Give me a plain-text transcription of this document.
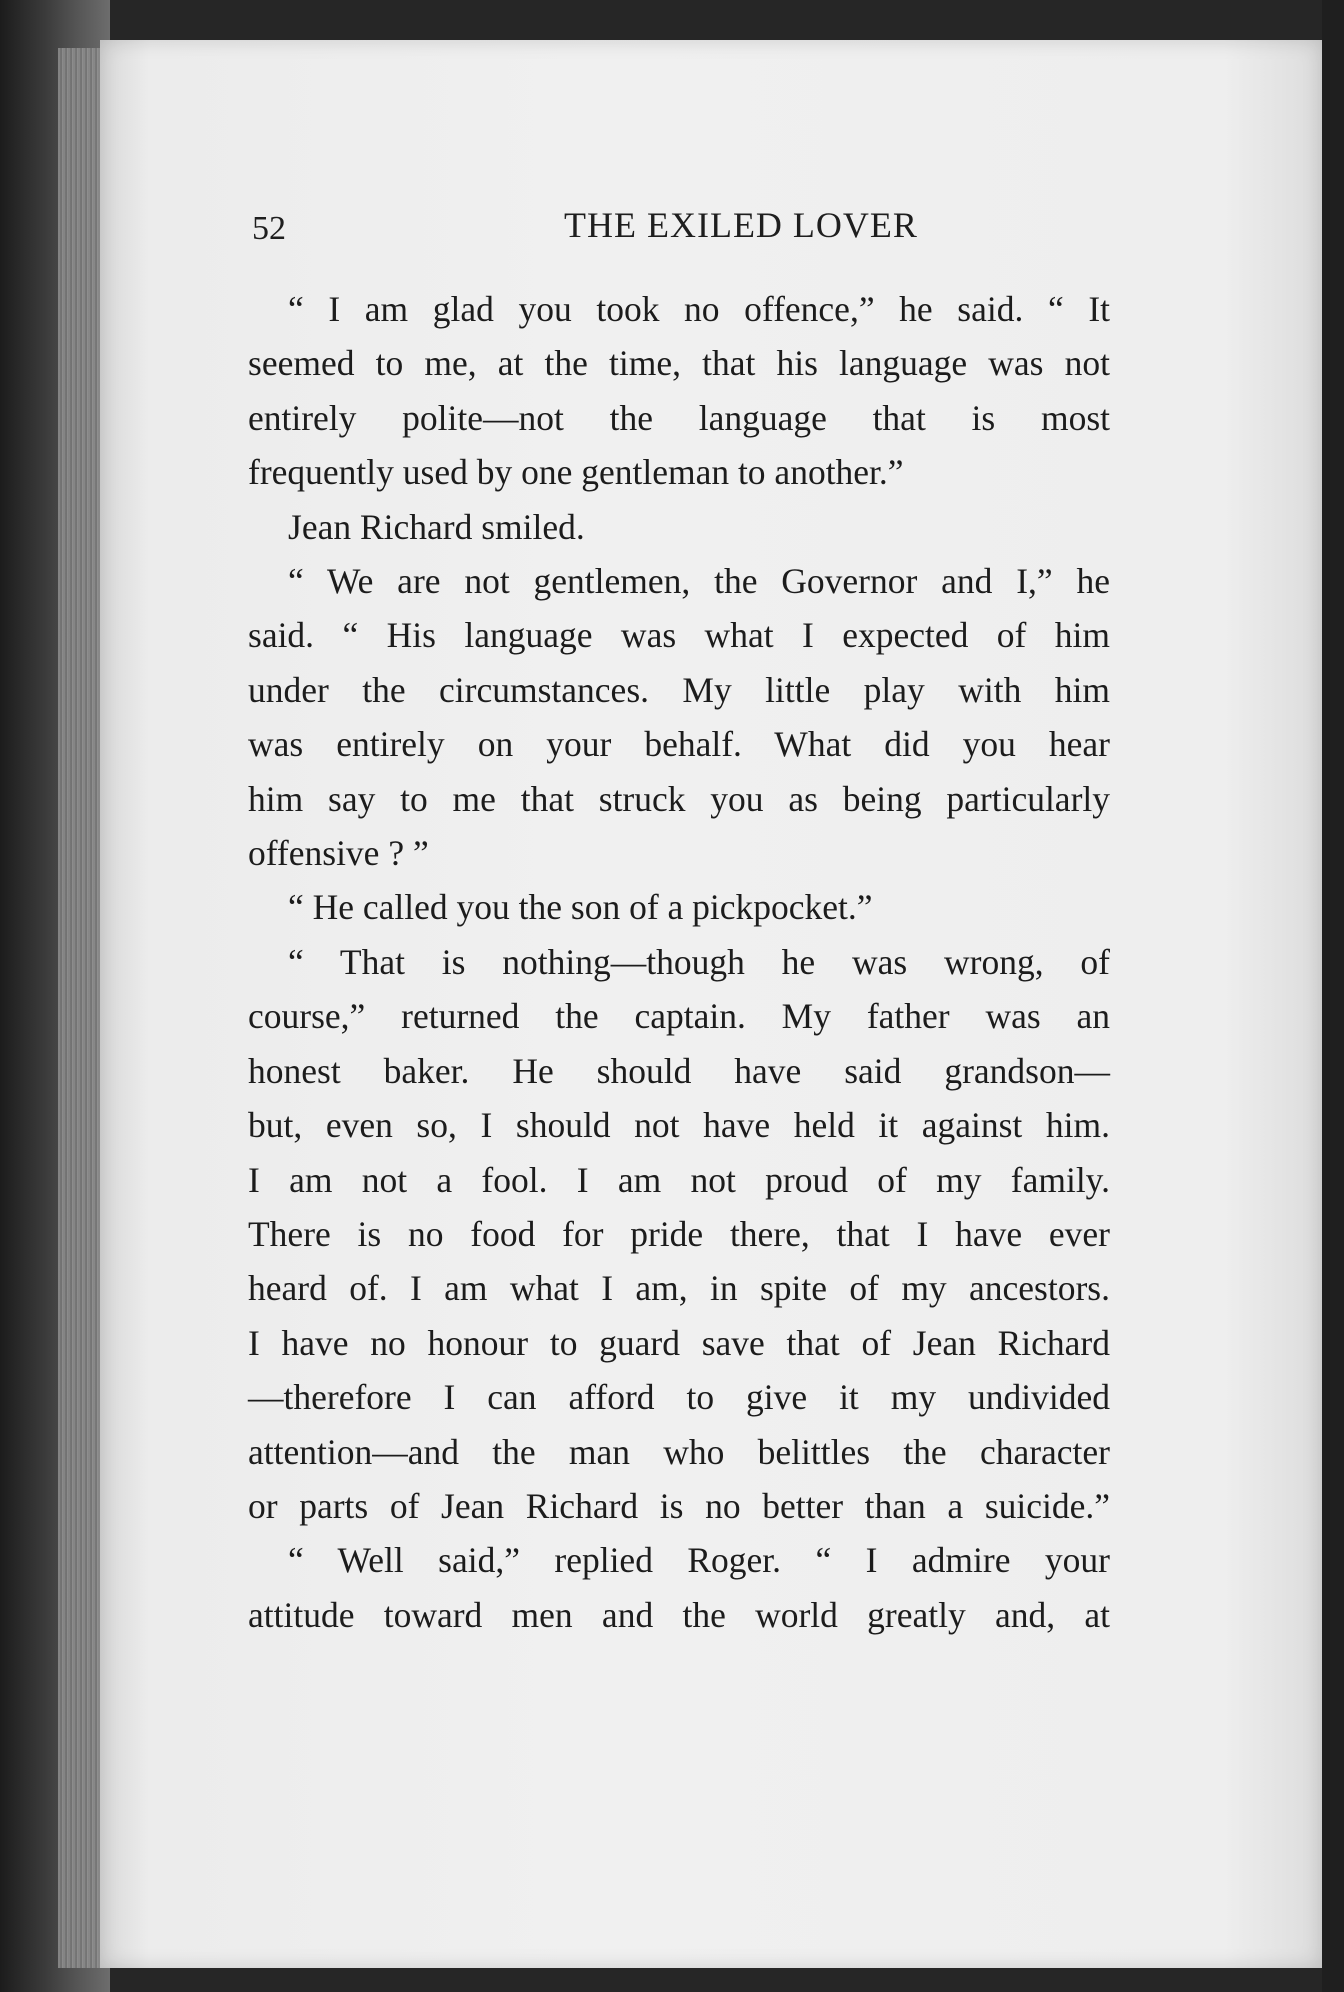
52	THE EXILED LOVER
“ I am glad you took no offence,” he said. “ It
seemed to me, at the time, that his language was not
entirely polite—not the language that is most
frequently used by one gentleman to another.”
Jean Richard smiled.
“ We are not gentlemen, the Governor and I,” he
said. “ His language was what I expected of him
under the circumstances. My little play with him
was entirely on your behalf. What did you hear
him say to me that struck you as being particularly
offensive ? ”
“ He called you the son of a pickpocket.”
“ That is nothing—though he was wrong, of
course,” returned the captain. My father was an
honest baker. He should have said grandson—
but, even so, I should not have held it against him.
I am not a fool. I am not proud of my family.
There is no food for pride there, that I have ever
heard of. I am what I am, in spite of my ancestors.
I have no honour to guard save that of Jean Richard
—therefore I can afford to give it my undivided
attention—and the man who belittles the character
or parts of Jean Richard is no better than a suicide.”
“ Well said,” replied Roger. “ I admire your
attitude toward men and the world greatly and, at
